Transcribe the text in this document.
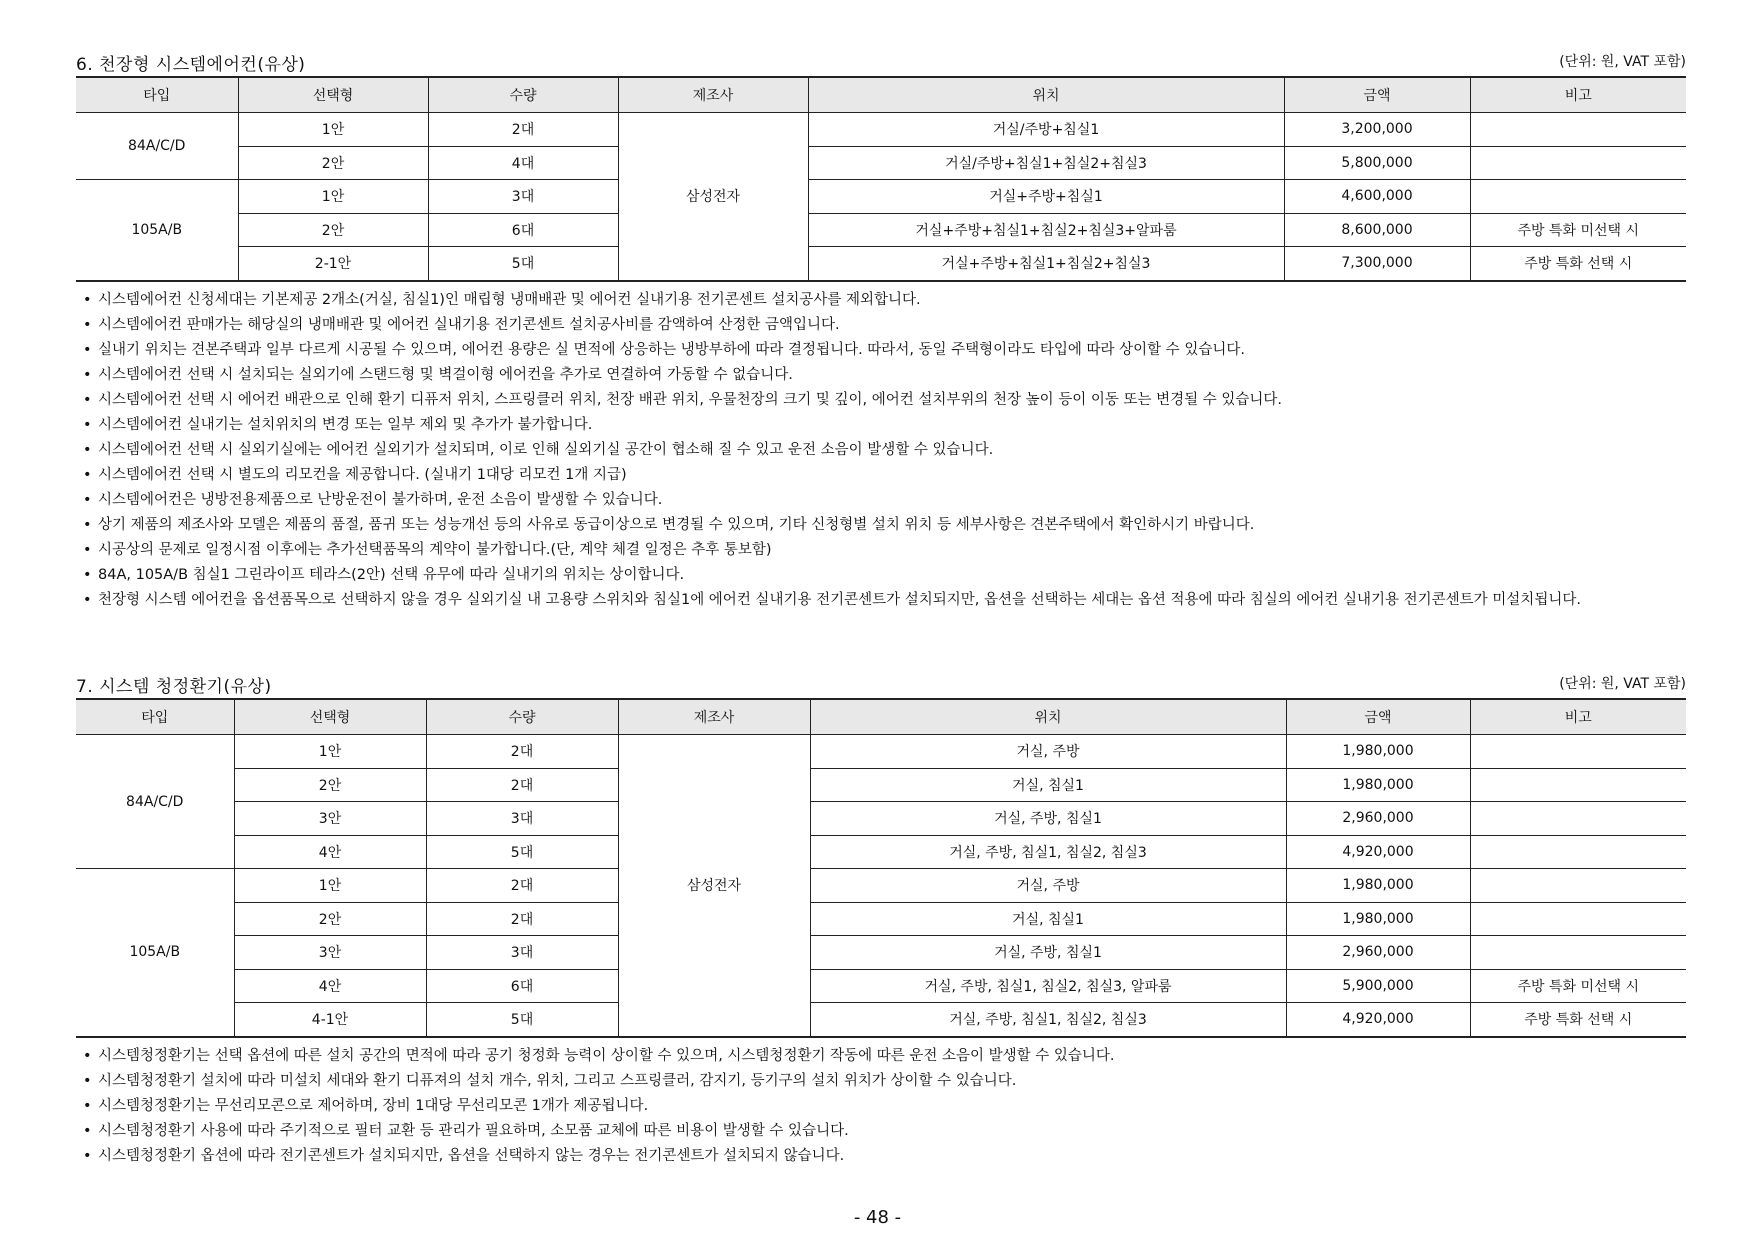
6. 천장형 시스템에어컨(유상)	(단위: 원, VAT 포함)
타입	선택형	수량	제조사	위치	금액	비고
84A/C/D	1안	2대	삼성전자	거실/주방+침실1	3,200,000	
	2안	4대		거실/주방+침실1+침실2+침실3	5,800,000	
105A/B	1안	3대		거실+주방+침실1	4,600,000	
	2안	6대		거실+주방+침실1+침실2+침실3+알파룸	8,600,000	주방 특화 미선택 시
	2-1안	5대		거실+주방+침실1+침실2+침실3	7,300,000	주방 특화 선택 시
• 시스템에어컨 신청세대는 기본제공 2개소(거실, 침실1)인 매립형 냉매배관 및 에어컨 실내기용 전기콘센트 설치공사를 제외합니다.
• 시스템에어컨 판매가는 해당실의 냉매배관 및 에어컨 실내기용 전기콘센트 설치공사비를 감액하여 산정한 금액입니다.
• 실내기 위치는 견본주택과 일부 다르게 시공될 수 있으며, 에어컨 용량은 실 면적에 상응하는 냉방부하에 따라 결정됩니다. 따라서, 동일 주택형이라도 타입에 따라 상이할 수 있습니다.
• 시스템에어컨 선택 시 설치되는 실외기에 스탠드형 및 벽걸이형 에어컨을 추가로 연결하여 가동할 수 없습니다.
• 시스템에어컨 선택 시 에어컨 배관으로 인해 환기 디퓨저 위치, 스프링클러 위치, 천장 배관 위치, 우물천장의 크기 및 깊이, 에어컨 설치부위의 천장 높이 등이 이동 또는 변경될 수 있습니다.
• 시스템에어컨 실내기는 설치위치의 변경 또는 일부 제외 및 추가가 불가합니다.
• 시스템에어컨 선택 시 실외기실에는 에어컨 실외기가 설치되며, 이로 인해 실외기실 공간이 협소해 질 수 있고 운전 소음이 발생할 수 있습니다.
• 시스템에어컨 선택 시 별도의 리모컨을 제공합니다. (실내기 1대당 리모컨 1개 지급)
• 시스템에어컨은 냉방전용제품으로 난방운전이 불가하며, 운전 소음이 발생할 수 있습니다.
• 상기 제품의 제조사와 모델은 제품의 품절, 품귀 또는 성능개선 등의 사유로 동급이상으로 변경될 수 있으며, 기타 신청형별 설치 위치 등 세부사항은 견본주택에서 확인하시기 바랍니다.
• 시공상의 문제로 일정시점 이후에는 추가선택품목의 계약이 불가합니다.(단, 계약 체결 일정은 추후 통보함)
• 84A, 105A/B 침실1 그린라이프 테라스(2안) 선택 유무에 따라 실내기의 위치는 상이합니다.
• 천장형 시스템 에어컨을 옵션품목으로 선택하지 않을 경우 실외기실 내 고용량 스위치와 침실1에 에어컨 실내기용 전기콘센트가 설치되지만, 옵션을 선택하는 세대는 옵션 적용에 따라 침실의 에어컨 실내기용 전기콘센트가 미설치됩니다.
7. 시스템 청정환기(유상)	(단위: 원, VAT 포함)
타입	선택형	수량	제조사	위치	금액	비고
84A/C/D	1안	2대	삼성전자	거실, 주방	1,980,000	
	2안	2대		거실, 침실1	1,980,000	
	3안	3대		거실, 주방, 침실1	2,960,000	
	4안	5대		거실, 주방, 침실1, 침실2, 침실3	4,920,000	
105A/B	1안	2대		거실, 주방	1,980,000	
	2안	2대		거실, 침실1	1,980,000	
	3안	3대		거실, 주방, 침실1	2,960,000	
	4안	6대		거실, 주방, 침실1, 침실2, 침실3, 알파룸	5,900,000	주방 특화 미선택 시
	4-1안	5대		거실, 주방, 침실1, 침실2, 침실3	4,920,000	주방 특화 선택 시
• 시스템청정환기는 선택 옵션에 따른 설치 공간의 면적에 따라 공기 청정화 능력이 상이할 수 있으며, 시스템청정환기 작동에 따른 운전 소음이 발생할 수 있습니다.
• 시스템청정환기 설치에 따라 미설치 세대와 환기 디퓨져의 설치 개수, 위치, 그리고 스프링클러, 감지기, 등기구의 설치 위치가 상이할 수 있습니다.
• 시스템청정환기는 무선리모콘으로 제어하며, 장비 1대당 무선리모콘 1개가 제공됩니다.
• 시스템청정환기 사용에 따라 주기적으로 필터 교환 등 관리가 필요하며, 소모품 교체에 따른 비용이 발생할 수 있습니다.
• 시스템청정환기 옵션에 따라 전기콘센트가 설치되지만, 옵션을 선택하지 않는 경우는 전기콘센트가 설치되지 않습니다.
- 48 -
